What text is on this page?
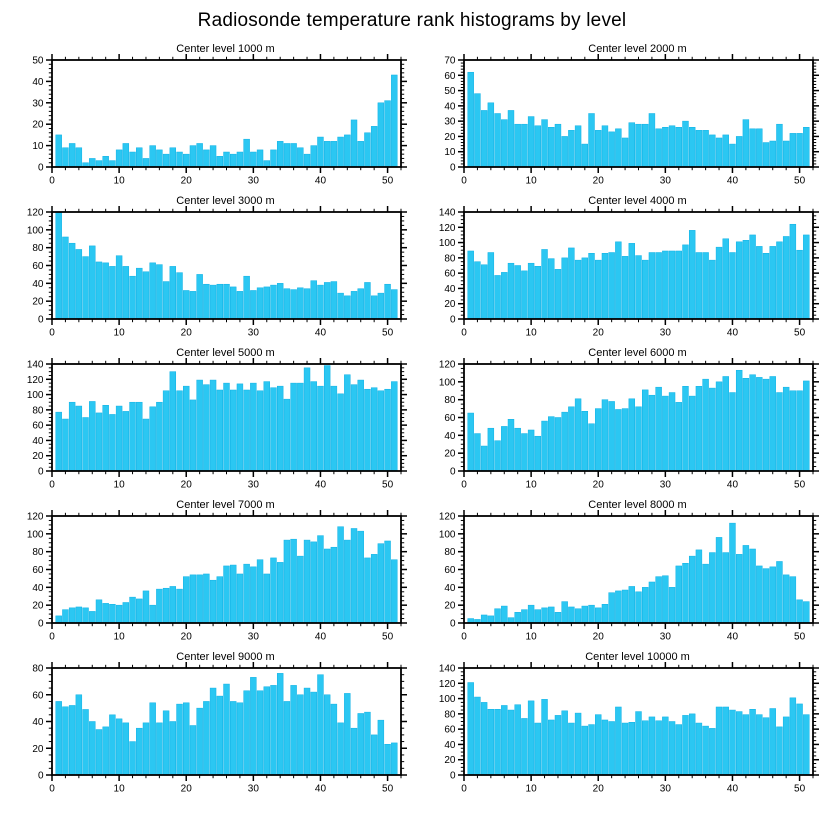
Radiosonde temperature rank histograms by level
0	10	20	30	40	50
0
10
20
30
40
50
Center level 1000 m
0	10	20	30	40	50
0
10
20
30
40
50
60
70
Center level 2000 m
0	10	20	30	40	50
0
20
40
60
80
100
120
Center level 3000 m
0	10	20	30	40	50
0
20
40
60
80
100
120
140
Center level 4000 m
0	10	20	30	40	50
0
20
40
60
80
100
120
140
Center level 5000 m
0	10	20	30	40	50
0
20
40
60
80
100
120
Center level 6000 m
0	10	20	30	40	50
0
20
40
60
80
100
120
Center level 7000 m
0	10	20	30	40	50
0
20
40
60
80
100
120
Center level 8000 m
0	10	20	30	40	50
0
20
40
60
80
Center level 9000 m
0	10	20	30	40	50
0
20
40
60
80
100
120
140
Center level 10000 m
